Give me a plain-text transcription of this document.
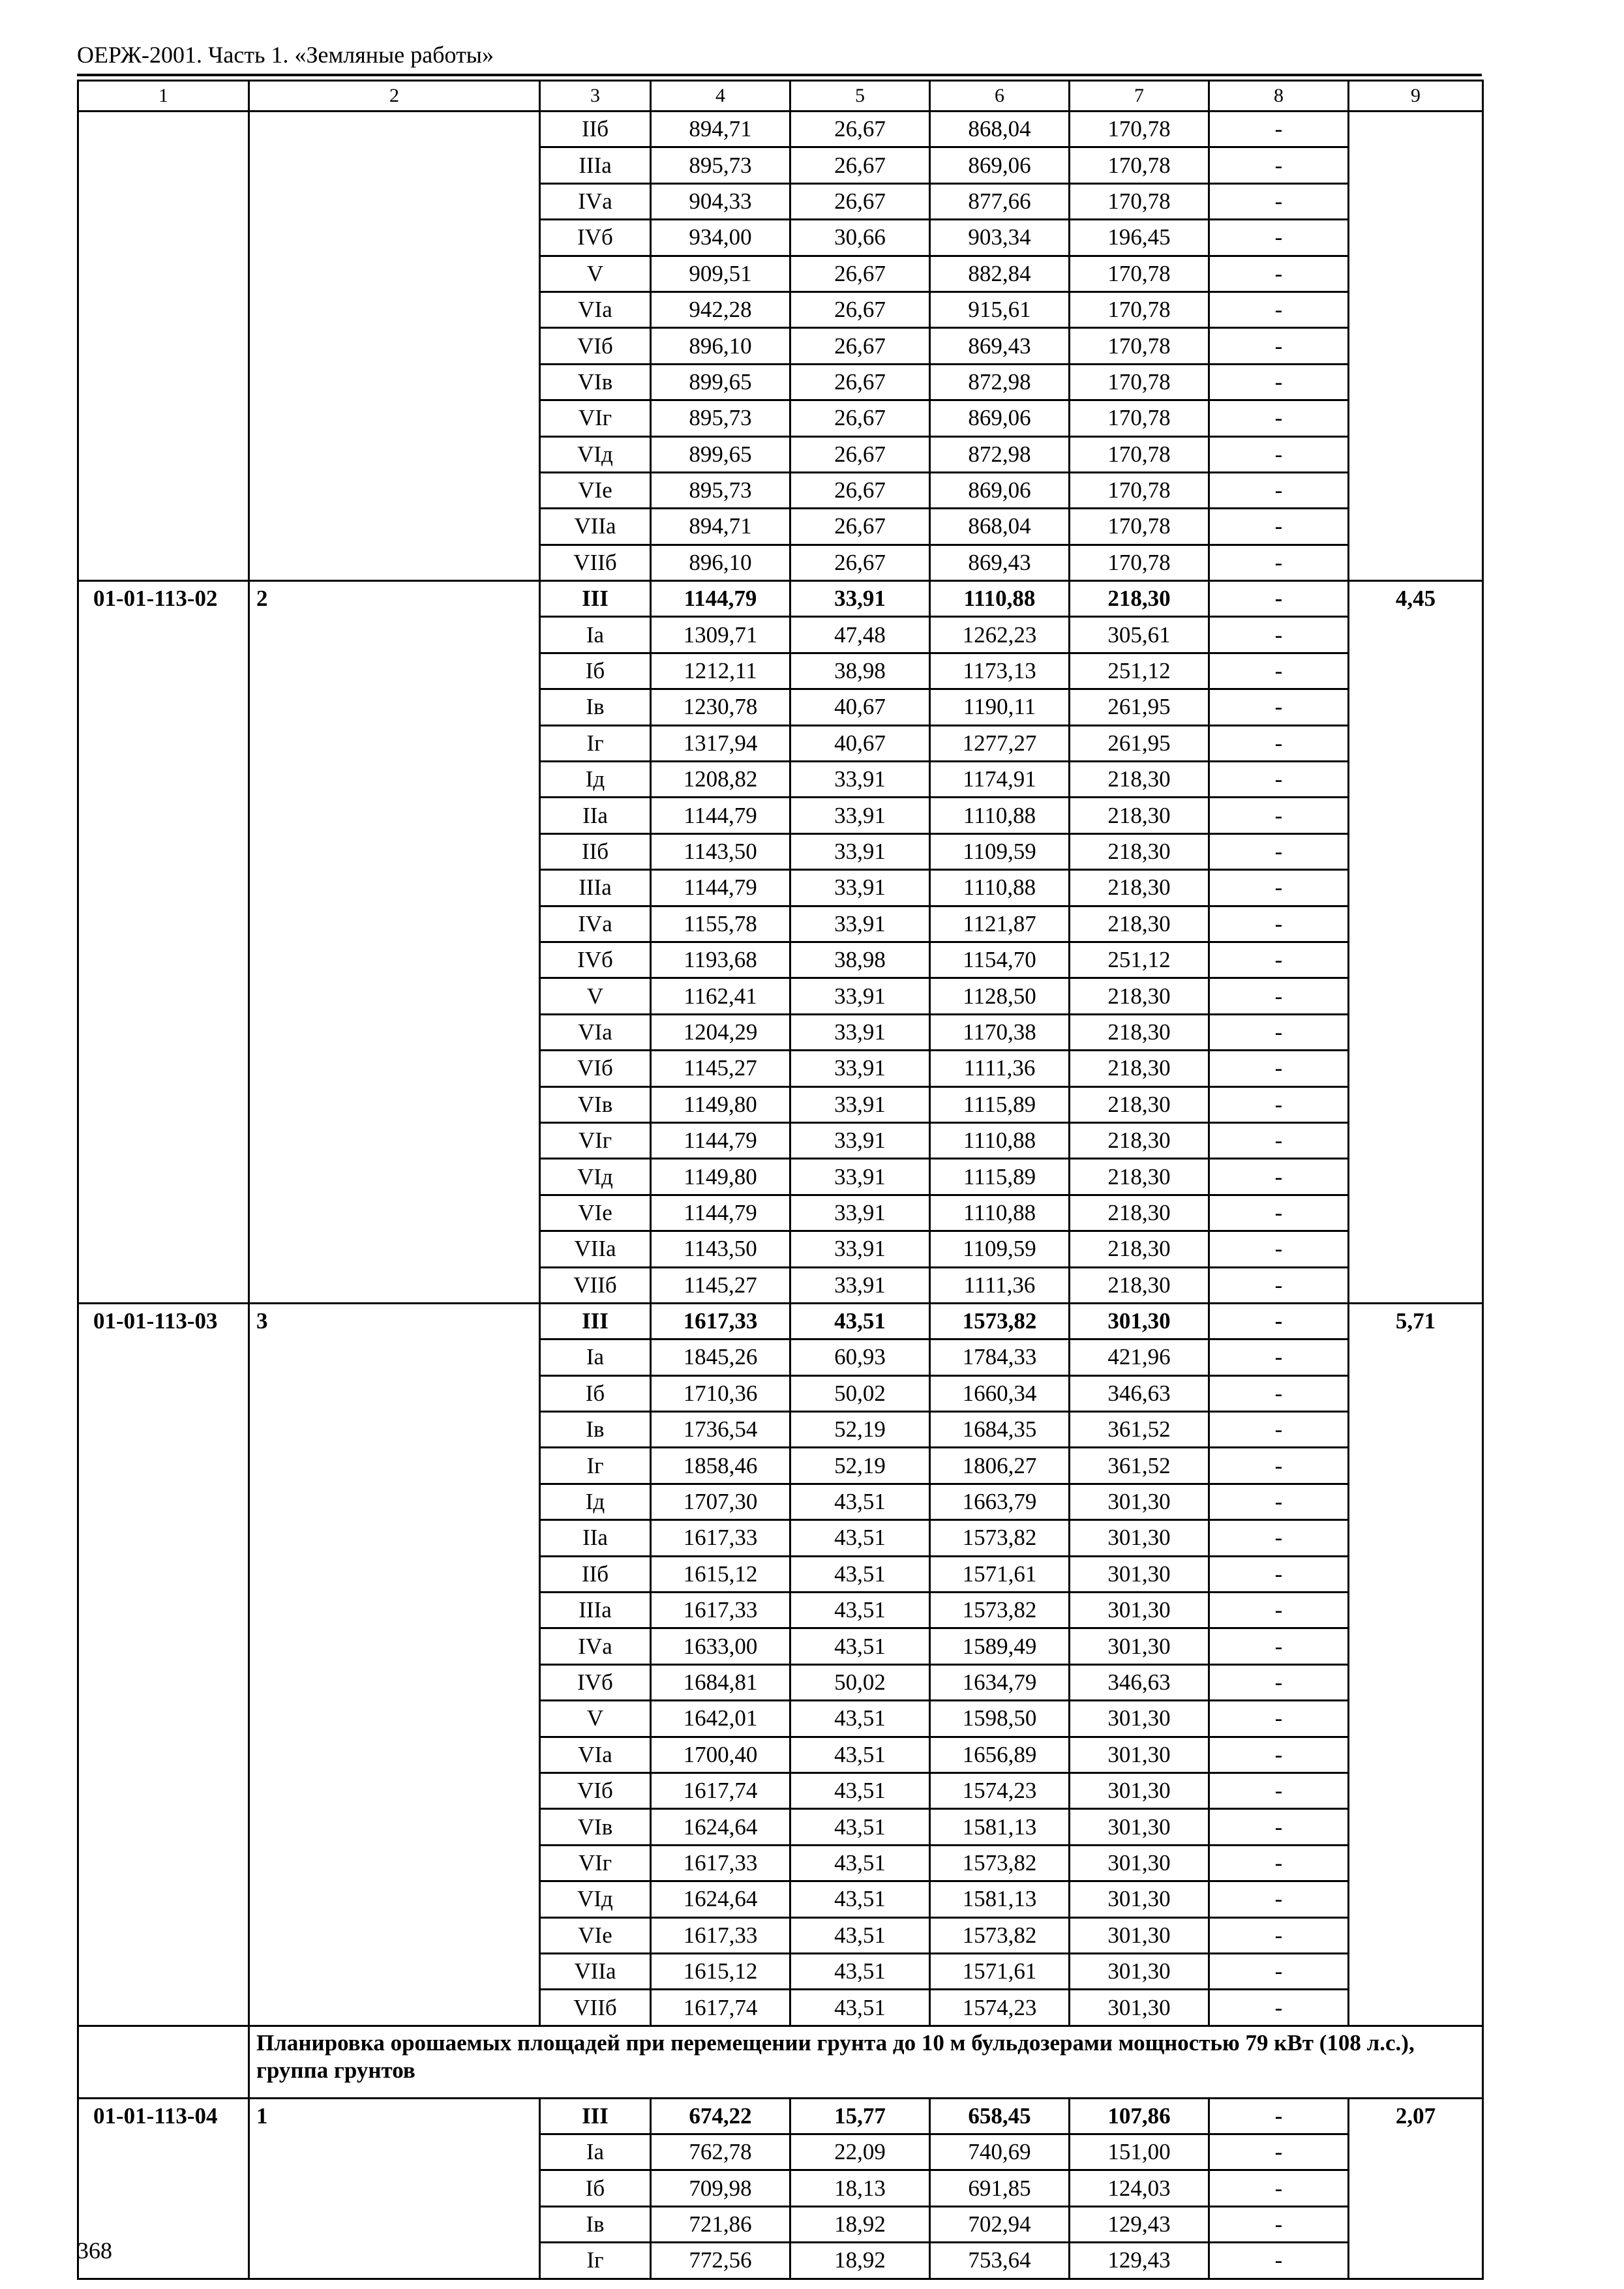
ОЕРЖ-2001. Часть 1. «Земляные работы»
1	2	3	4	5	6	7	8	9
		IIб	894,71	26,67	868,04	170,78	-	
		IIIа	895,73	26,67	869,06	170,78	-	
		IVа	904,33	26,67	877,66	170,78	-	
		IVб	934,00	30,66	903,34	196,45	-	
		V	909,51	26,67	882,84	170,78	-	
		VIа	942,28	26,67	915,61	170,78	-	
		VIб	896,10	26,67	869,43	170,78	-	
		VIв	899,65	26,67	872,98	170,78	-	
		VIг	895,73	26,67	869,06	170,78	-	
		VIд	899,65	26,67	872,98	170,78	-	
		VIе	895,73	26,67	869,06	170,78	-	
		VIIа	894,71	26,67	868,04	170,78	-	
		VIIб	896,10	26,67	869,43	170,78	-	
01-01-113-02	2	III	1144,79	33,91	1110,88	218,30	-	4,45
		Iа	1309,71	47,48	1262,23	305,61	-	
		Iб	1212,11	38,98	1173,13	251,12	-	
		Iв	1230,78	40,67	1190,11	261,95	-	
		Iг	1317,94	40,67	1277,27	261,95	-	
		Iд	1208,82	33,91	1174,91	218,30	-	
		IIа	1144,79	33,91	1110,88	218,30	-	
		IIб	1143,50	33,91	1109,59	218,30	-	
		IIIа	1144,79	33,91	1110,88	218,30	-	
		IVа	1155,78	33,91	1121,87	218,30	-	
		IVб	1193,68	38,98	1154,70	251,12	-	
		V	1162,41	33,91	1128,50	218,30	-	
		VIа	1204,29	33,91	1170,38	218,30	-	
		VIб	1145,27	33,91	1111,36	218,30	-	
		VIв	1149,80	33,91	1115,89	218,30	-	
		VIг	1144,79	33,91	1110,88	218,30	-	
		VIд	1149,80	33,91	1115,89	218,30	-	
		VIе	1144,79	33,91	1110,88	218,30	-	
		VIIа	1143,50	33,91	1109,59	218,30	-	
		VIIб	1145,27	33,91	1111,36	218,30	-	
01-01-113-03	3	III	1617,33	43,51	1573,82	301,30	-	5,71
		Iа	1845,26	60,93	1784,33	421,96	-	
		Iб	1710,36	50,02	1660,34	346,63	-	
		Iв	1736,54	52,19	1684,35	361,52	-	
		Iг	1858,46	52,19	1806,27	361,52	-	
		Iд	1707,30	43,51	1663,79	301,30	-	
		IIа	1617,33	43,51	1573,82	301,30	-	
		IIб	1615,12	43,51	1571,61	301,30	-	
		IIIа	1617,33	43,51	1573,82	301,30	-	
		IVа	1633,00	43,51	1589,49	301,30	-	
		IVб	1684,81	50,02	1634,79	346,63	-	
		V	1642,01	43,51	1598,50	301,30	-	
		VIа	1700,40	43,51	1656,89	301,30	-	
		VIб	1617,74	43,51	1574,23	301,30	-	
		VIв	1624,64	43,51	1581,13	301,30	-	
		VIг	1617,33	43,51	1573,82	301,30	-	
		VIд	1624,64	43,51	1581,13	301,30	-	
		VIе	1617,33	43,51	1573,82	301,30	-	
		VIIа	1615,12	43,51	1571,61	301,30	-	
		VIIб	1617,74	43,51	1574,23	301,30	-	
	Планировка орошаемых площадей при перемещении грунта до 10 м бульдозерами мощностью 79 кВт (108 л.с.), группа грунтов							
01-01-113-04	1	III	674,22	15,77	658,45	107,86	-	2,07
		Iа	762,78	22,09	740,69	151,00	-	
		Iб	709,98	18,13	691,85	124,03	-	
		Iв	721,86	18,92	702,94	129,43	-	
		Iг	772,56	18,92	753,64	129,43	-	
368
